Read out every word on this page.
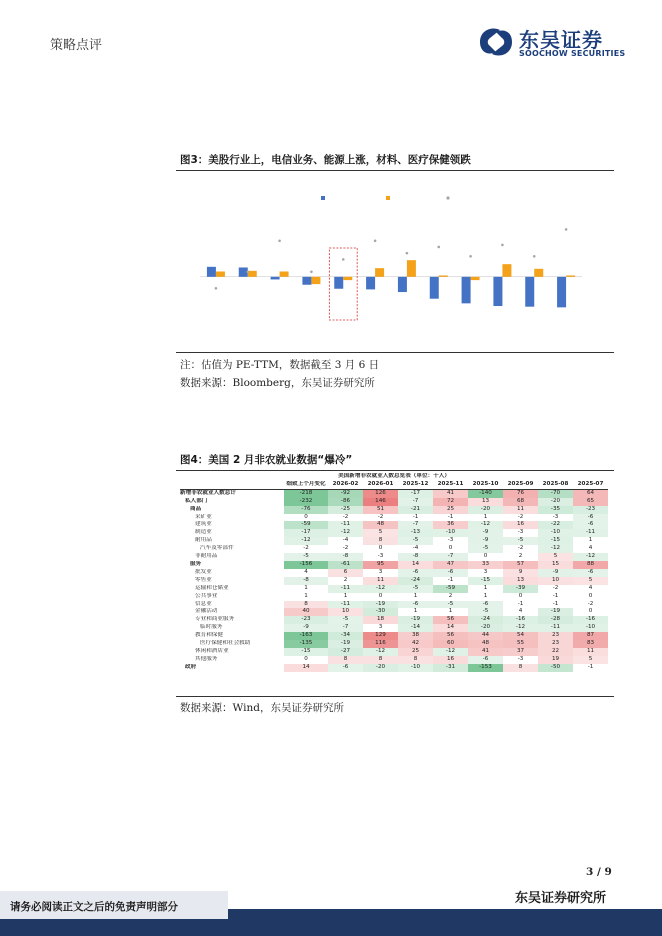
策略点评	东吴证券
SOOCHOW SECURITIES
图3：美股行业上，电信业务、能源上涨，材料、医疗保健领跌
注：估值为 PE-TTM，数据截至 3 月 6 日
数据来源：Bloomberg，东吴证券研究所
图4：美国 2 月非农就业数据“爆冷”
美国新增非农就业人数总览表（单位：千人）									
	细致上个月变化	2026-02	2026-01	2025-12	2025-11	2025-10	2025-09	2025-08	2025-07
新增非农就业人数总计	-218	-92	126	-17	41	-140	76	-70	64
私人部门	-232	-86	146	-7	72	13	68	-20	65
商品	-76	-25	51	-21	25	-20	11	-35	-23
采矿业	0	-2	-2	-1	-1	1	-2	-3	-6
建筑业	-59	-11	48	-7	36	-12	16	-22	-6
制造业	-17	-12	5	-13	-10	-9	-3	-10	-11
耐用品	-12	-4	8	-5	-3	-9	-5	-15	1
汽车及零部件	-2	-2	0	-4	0	-5	-2	-12	4
非耐用品	-5	-8	-3	-8	-7	0	2	5	-12
服务	-156	-61	95	14	47	33	57	15	88
批发业	4	6	3	-6	-6	3	9	-9	-6
零售业	-8	2	11	-24	-1	-15	13	10	5
运输和仓储业	1	-11	-12	-5	-59	1	-39	-2	4
公共事业	1	1	0	1	2	1	0	-1	0
信息业	8	-11	-19	-6	-5	-6	-1	-1	-2
金融活动	40	10	-30	1	1	-5	4	-19	0
专业和商业服务	-23	-5	18	-19	56	-24	-16	-28	-16
临时服务	-9	-7	3	-14	14	-20	-12	-11	-10
教育和保健	-163	-34	129	38	56	44	54	23	87
医疗保健和社会救助	-135	-19	116	42	60	48	55	23	83
休闲和酒店业	-15	-27	-12	25	-12	41	37	22	11
其他服务	0	8	8	8	16	-6	-3	19	5
政府	14	-6	-20	-10	-31	-153	8	-50	-1
数据来源：Wind，东吴证券研究所
3 / 9
东吴证券研究所
请务必阅读正文之后的免责声明部分
